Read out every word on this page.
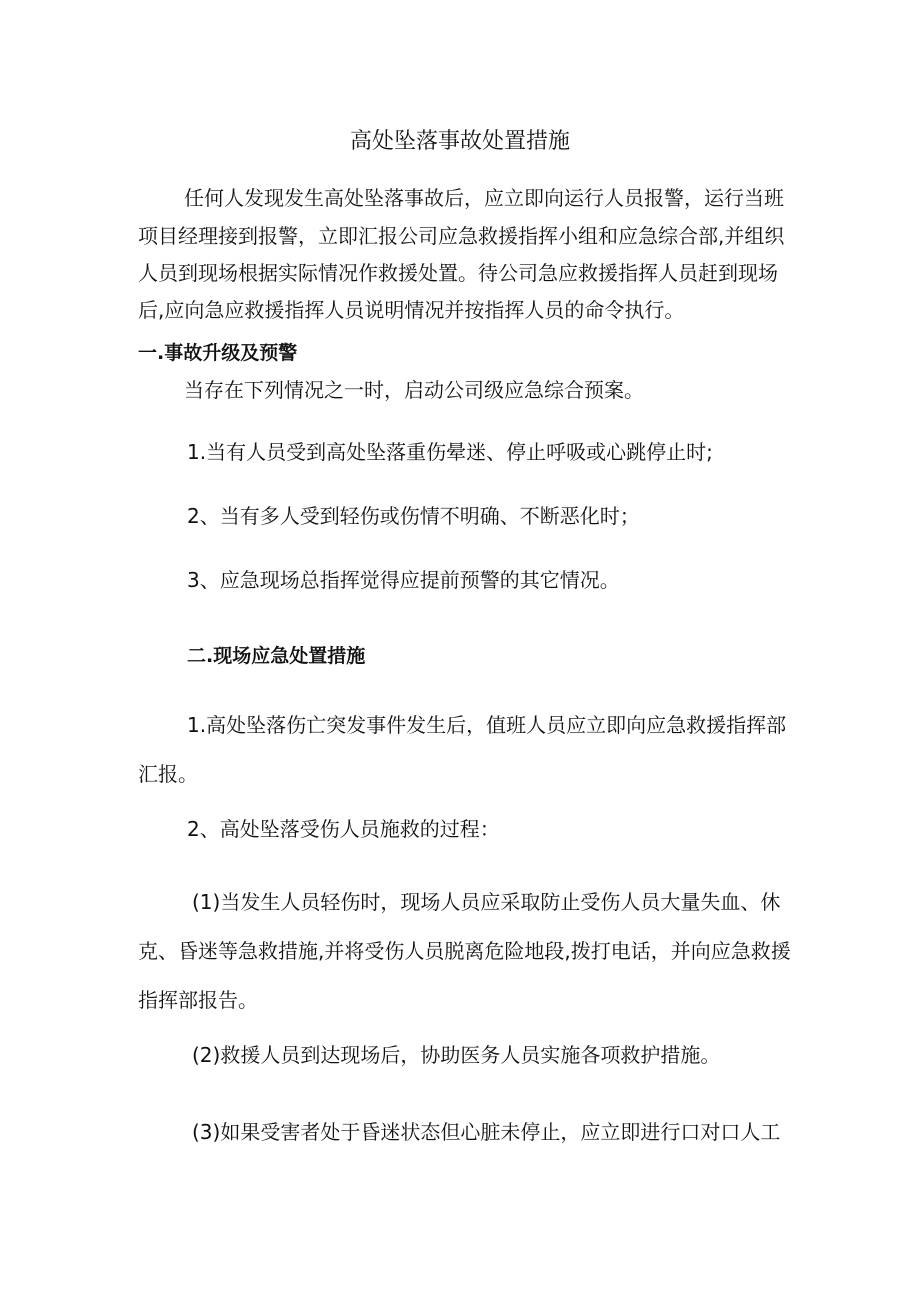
高处坠落事故处置措施
任何人发现发生高处坠落事故后，应立即向运行人员报警，运行当班
项目经理接到报警，立即汇报公司应急救援指挥小组和应急综合部,并组织
人员到现场根据实际情况作救援处置。待公司急应救援指挥人员赶到现场
后,应向急应救援指挥人员说明情况并按指挥人员的命令执行。
一.事故升级及预警
当存在下列情况之一时，启动公司级应急综合预案。
1.当有人员受到高处坠落重伤晕迷、停止呼吸或心跳停止时;
2、当有多人受到轻伤或伤情不明确、不断恶化时；
3、应急现场总指挥觉得应提前预警的其它情况。
二.现场应急处置措施
1.高处坠落伤亡突发事件发生后，值班人员应立即向应急救援指挥部
汇报。
2、高处坠落受伤人员施救的过程：
(1)当发生人员轻伤时，现场人员应采取防止受伤人员大量失血、休
克、昏迷等急救措施,并将受伤人员脱离危险地段,拨打电话，并向应急救援
指挥部报告。
(2)救援人员到达现场后，协助医务人员实施各项救护措施。
(3)如果受害者处于昏迷状态但心脏未停止，应立即进行口对口人工
